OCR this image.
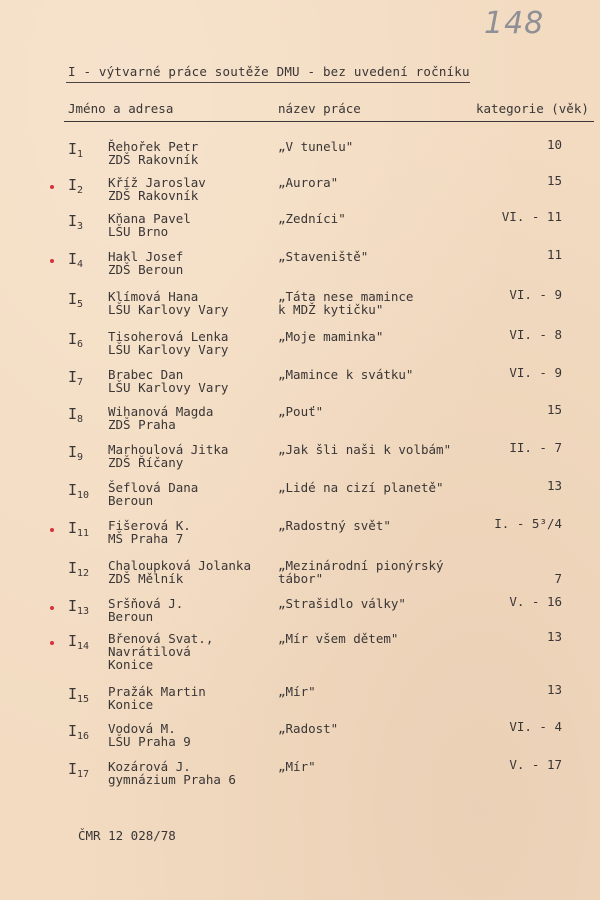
148
I - výtvarné práce soutěže DMU - bez uvedení ročníku
Jméno a adresa	název práce	kategorie (věk)
$I_1$
Řehořek Petr
ZDŠ Rakovník
„V tunelu"	10
$I_2$
Kříž Jaroslav
ZDŠ Rakovník
„Aurora"	15
$I_3$
Kňana Pavel
LŠU Brno
„Zedníci"	VI. - 11
$I_4$
Hakl Josef
ZDŠ Beroun
„Staveniště"	11
$I_5$
Klímová Hana
LŠU Karlovy Vary
„Táta nese mamince
k MDŽ kytičku"
VI. - 9
$I_6$
Tisoherová Lenka
LŠU Karlovy Vary
„Moje maminka"	VI. - 8
$I_7$
Brabec Dan
LŠU Karlovy Vary
„Mamince k svátku"	VI. - 9
$I_8$
Wihanová Magda
ZDŠ Praha
„Pouť"	15
$I_9$
Marhoulová Jitka
ZDŠ Říčany
„Jak šli naši k volbám"	II. - 7
$I_{10}$
Šeflová Dana
Beroun
„Lidé na cizí planetě"	13
$I_{11}$
Fišerová K.
MŠ Praha 7
„Radostný svět"	I. - 5³/4
$I_{12}$
Chaloupková Jolanka
ZDŠ Mělník
„Mezinárodní pionýrský
tábor"	7
$I_{13}$
Sršňová J.
Beroun
„Strašidlo války"	V. - 16
$I_{14}$
Břenová Svat.,
Navrátilová
Konice
„Mír všem dětem"	13
$I_{15}$
Pražák Martin
Konice
„Mír"	13
$I_{16}$
Vodová M.
LŠU Praha 9
„Radost"	VI. - 4
$I_{17}$
Kozárová J.
gymnázium Praha 6
„Mír"	V. - 17
ČMR 12 028/78
